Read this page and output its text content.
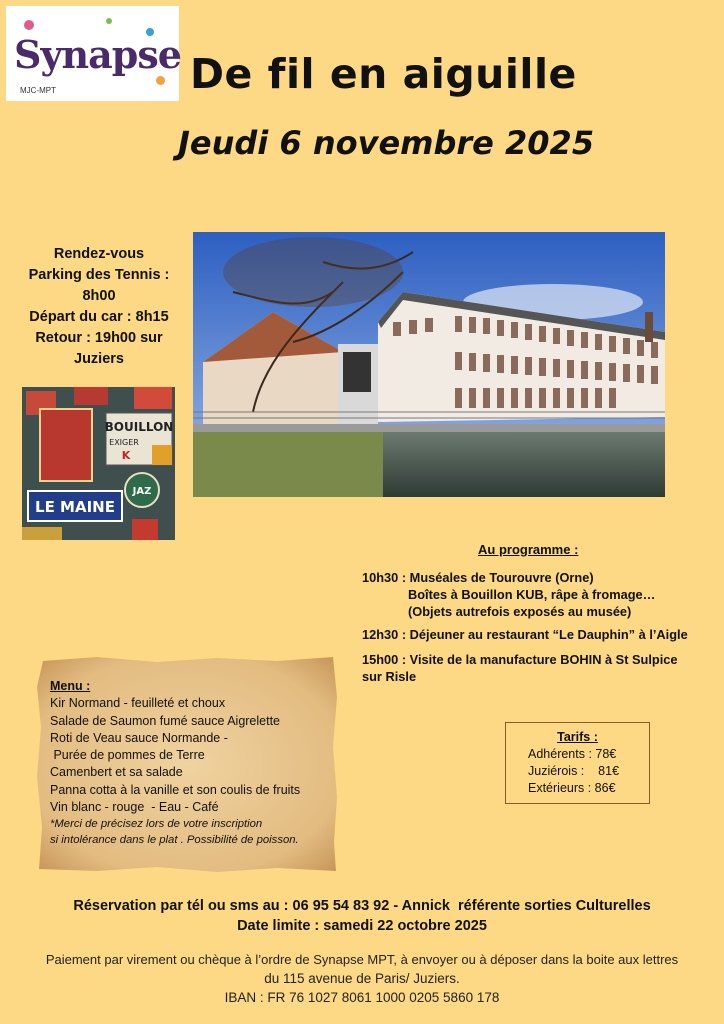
Synapse
MJC-MPT	De fil en aiguille
Jeudi 6 novembre 2025
Rendez-vous
Parking des Tennis :
8h00
Départ du car : 8h15
Retour : 19h00 sur
Juziers
BOUILLON
EXIGER
K
JAZ
LE MAINE
Au programme :
10h30 : Muséales de Tourouvre (Orne)
Boîtes à Bouillon KUB, râpe à fromage…
(Objets autrefois exposés au musée)
12h30 : Déjeuner au restaurant “Le Dauphin” à l’Aigle
15h00 : Visite de la manufacture BOHIN à St Sulpice
sur Risle
Menu :
Kir Normand - feuilleté et choux
Salade de Saumon fumé sauce Aigrelette
Roti de Veau sauce Normande -
Purée de pommes de Terre
Camenbert et sa salade
Panna cotta à la vanille et son coulis de fruits
Vin blanc - rouge  - Eau - Café
*Merci de précisez lors de votre inscription
si intolérance dans le plat . Possibilité de poisson.
Tarifs :
Adhérents : 78€
Juziérois :    81€
Extérieurs : 86€
Réservation par tél ou sms au : 06 95 54 83 92 - Annick  référente sorties Culturelles
Date limite : samedi 22 octobre 2025
Paiement par virement ou chèque à l’ordre de Synapse MPT, à envoyer ou à déposer dans la boite aux lettres
du 115 avenue de Paris/ Juziers.
IBAN : FR 76 1027 8061 1000 0205 5860 178
